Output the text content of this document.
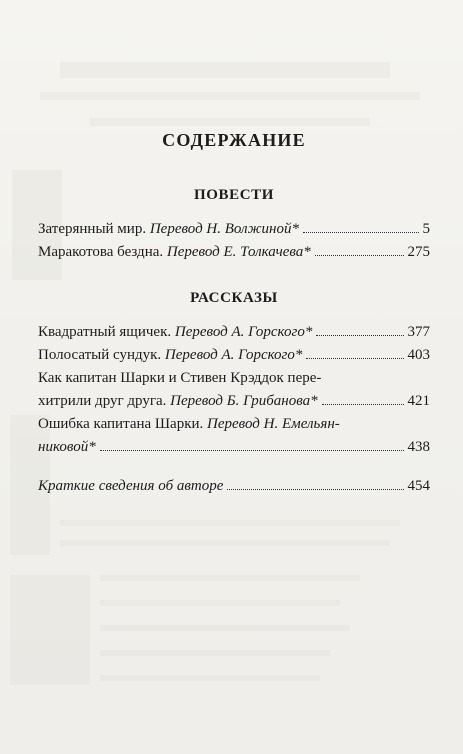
СОДЕРЖАНИЕ
ПОВЕСТИ
Затерянный мир. Перевод Н. Волжиной*	5
Маракотова бездна. Перевод Е. Толкачева*	275
РАССКАЗЫ
Квадратный ящичек. Перевод А. Горского*	377
Полосатый сундук. Перевод А. Горского*	403
Как капитан Шарки и Стивен Крэддок пере-
хитрили друг друга. Перевод Б. Грибанова*	421
Ошибка капитана Шарки. Перевод Н. Емельян-
никовой*	438
Краткие сведения об авторе	454
